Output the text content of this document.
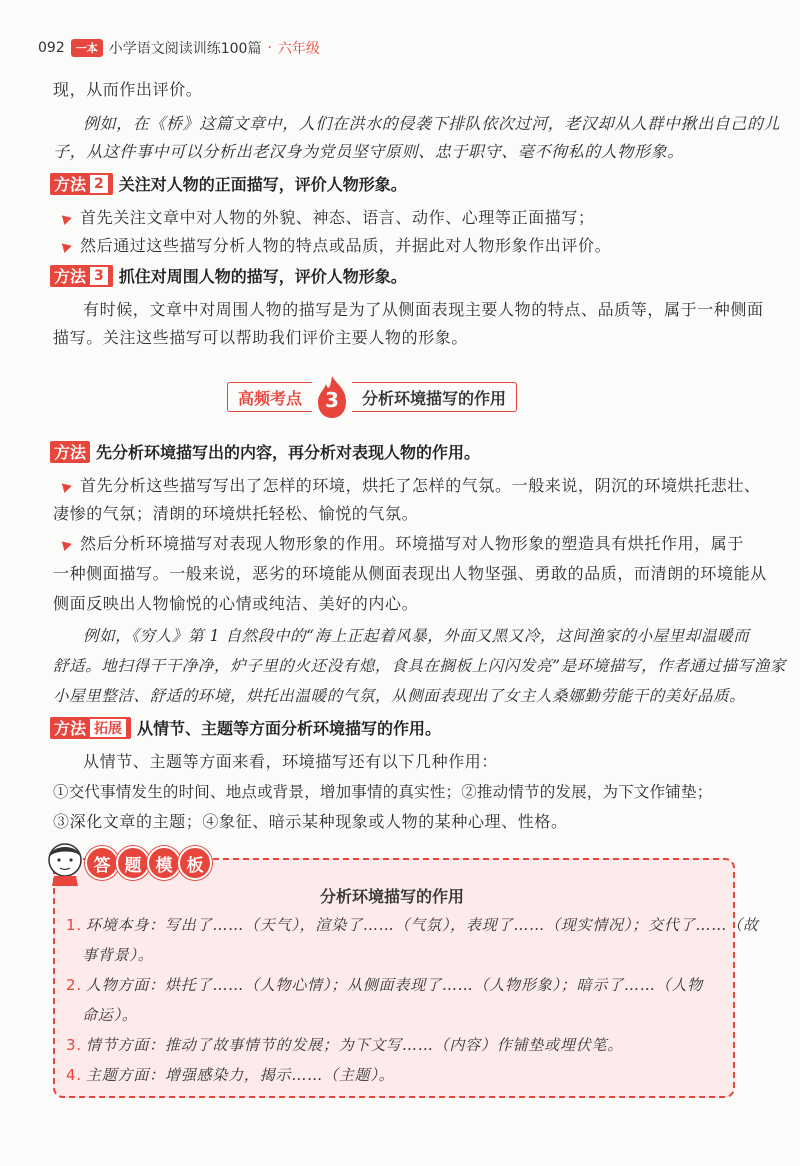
092	一本 小学语文阅读训练100篇 · 六年级
现，从而作出评价。
例如，在《桥》这篇文章中，人们在洪水的侵袭下排队依次过河，老汉却从人群中揪出自己的儿
子，从这件事中可以分析出老汉身为党员坚守原则、忠于职守、毫不徇私的人物形象。
方法 2 关注对人物的正面描写，评价人物形象。
首先关注文章中对人物的外貌、神态、语言、动作、心理等正面描写；
然后通过这些描写分析人物的特点或品质，并据此对人物形象作出评价。
方法 3 抓住对周围人物的描写，评价人物形象。
有时候，文章中对周围人物的描写是为了从侧面表现主要人物的特点、品质等，属于一种侧面
描写。关注这些描写可以帮助我们评价主要人物的形象。
高频考点	3	分析环境描写的作用
方法 先分析环境描写出的内容，再分析对表现人物的作用。
首先分析这些描写写出了怎样的环境，烘托了怎样的气氛。一般来说，阴沉的环境烘托悲壮、
凄惨的气氛；清朗的环境烘托轻松、愉悦的气氛。
然后分析环境描写对表现人物形象的作用。环境描写对人物形象的塑造具有烘托作用，属于
一种侧面描写。一般来说，恶劣的环境能从侧面表现出人物坚强、勇敢的品质，而清朗的环境能从
侧面反映出人物愉悦的心情或纯洁、美好的内心。
例如，《穷人》第 1 自然段中的“海上正起着风暴，外面又黑又冷，这间渔家的小屋里却温暖而
舒适。地扫得干干净净，炉子里的火还没有熄，食具在搁板上闪闪发亮”是环境描写，作者通过描写渔家
小屋里整洁、舒适的环境，烘托出温暖的气氛，从侧面表现出了女主人桑娜勤劳能干的美好品质。
方法 拓展 从情节、主题等方面分析环境描写的作用。
从情节、主题等方面来看，环境描写还有以下几种作用：
①交代事情发生的时间、地点或背景，增加事情的真实性；②推动情节的发展，为下文作铺垫；
③深化文章的主题；④象征、暗示某种现象或人物的某种心理、性格。
答 题 模 板
分析环境描写的作用
1. 环境本身：写出了……（天气），渲染了……（气氛），表现了……（现实情况）；交代了……（故
事背景）。
2. 人物方面：烘托了……（人物心情）；从侧面表现了……（人物形象）；暗示了……（人物
命运）。
3. 情节方面：推动了故事情节的发展；为下文写……（内容）作铺垫或埋伏笔。
4. 主题方面：增强感染力，揭示……（主题）。
